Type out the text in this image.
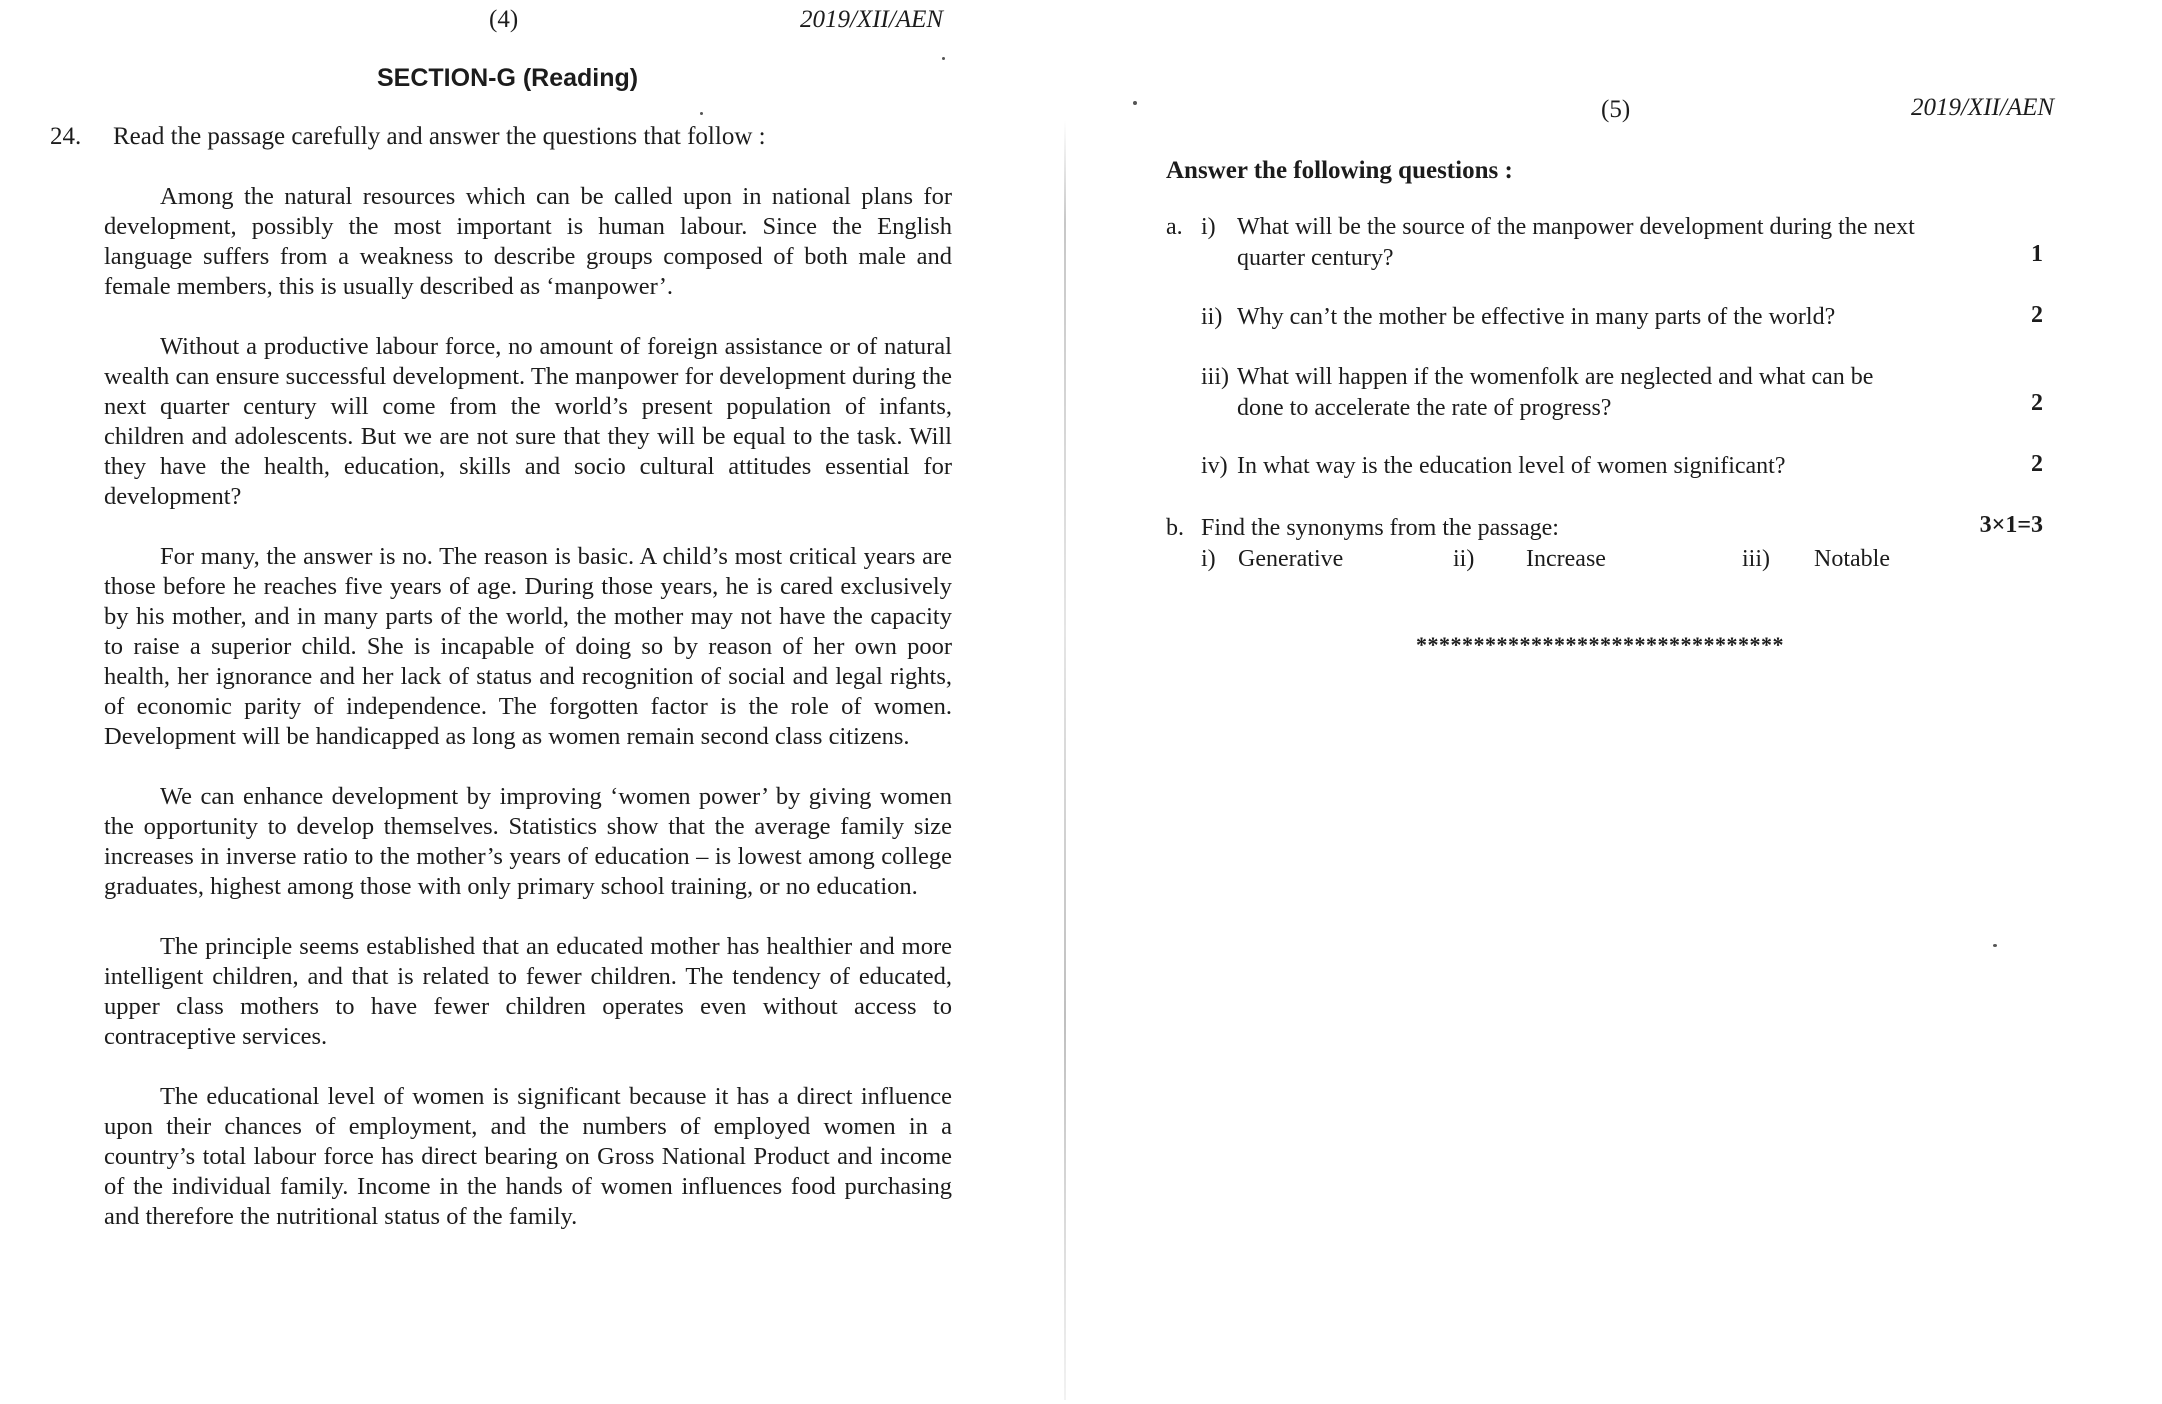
(4)	2019/XII/AEN
SECTION-G (Reading)
24. Read the passage carefully and answer the questions that follow :

Among the natural resources which can be called upon in national plans for development, possibly the most important is human labour. Since the English language suffers from a weakness to describe groups composed of both male and female members, this is usually described as ‘manpower’.

Without a productive labour force, no amount of foreign assistance or of natural wealth can ensure successful development. The manpower for development during the next quarter century will come from the world’s present population of infants, children and adolescents. But we are not sure that they will be equal to the task. Will they have the health, education, skills and socio cultural attitudes essential for development?

For many, the answer is no. The reason is basic. A child’s most critical years are those before he reaches five years of age. During those years, he is cared exclusively by his mother, and in many parts of the world, the mother may not have the capacity to raise a superior child. She is incapable of doing so by reason of her own poor health, her ignorance and her lack of status and recognition of social and legal rights, of economic parity of independence. The forgotten factor is the role of women. Development will be handicapped as long as women remain second class citizens.

We can enhance development by improving ‘women power’ by giving women the opportunity to develop themselves. Statistics show that the average family size increases in inverse ratio to the mother’s years of education – is lowest among college graduates, highest among those with only primary school training, or no education.

The principle seems established that an educated mother has healthier and more intelligent children, and that is related to fewer children. The tendency of educated, upper class mothers to have fewer children operates even without access to contraceptive services.

The educational level of women is significant because it has a direct influence upon their chances of employment, and the numbers of employed women in a country’s total labour force has direct bearing on Gross National Product and income of the individual family. Income in the hands of women influences food purchasing and therefore the nutritional status of the family.

(5)	2019/XII/AEN
Answer the following questions :
a. i) What will be the source of the manpower development during the next
quarter century?	1
ii) Why can’t the mother be effective in many parts of the world?	2
iii) What will happen if the womenfolk are neglected and what can be
done to accelerate the rate of progress?	2
iv) In what way is the education level of women significant?	2
b. Find the synonyms from the passage:	3×1=3
i) Generative	ii) Increase	iii) Notable
********************************
